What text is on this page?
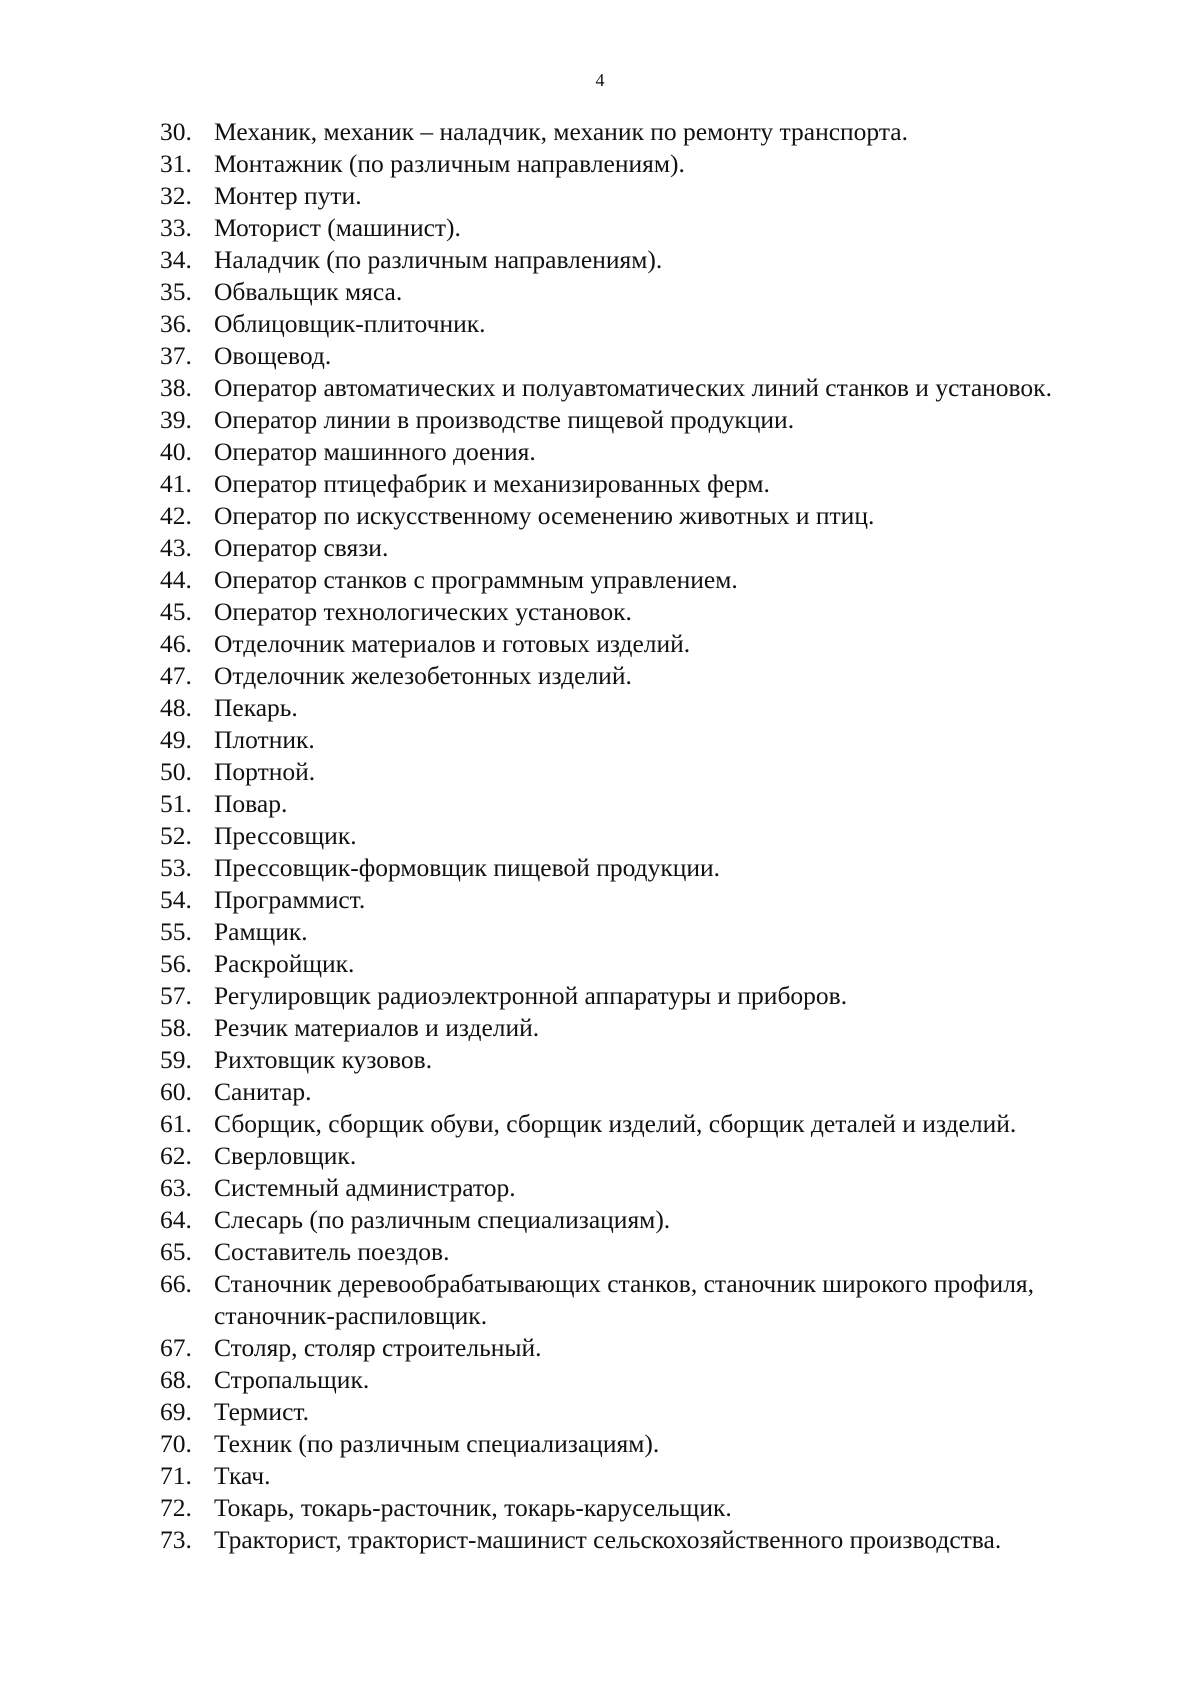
4
30. Механик, механик – наладчик, механик по ремонту транспорта.
31. Монтажник (по различным направлениям).
32. Монтер пути.
33. Моторист (машинист).
34. Наладчик (по различным направлениям).
35. Обвальщик мяса.
36. Облицовщик-плиточник.
37. Овощевод.
38. Оператор автоматических и полуавтоматических линий станков и установок.
39. Оператор линии в производстве пищевой продукции.
40. Оператор машинного доения.
41. Оператор птицефабрик и механизированных ферм.
42. Оператор по искусственному осеменению животных и птиц.
43. Оператор связи.
44. Оператор станков с программным управлением.
45. Оператор технологических установок.
46. Отделочник материалов и готовых изделий.
47. Отделочник железобетонных изделий.
48. Пекарь.
49. Плотник.
50. Портной.
51. Повар.
52. Прессовщик.
53. Прессовщик-формовщик пищевой продукции.
54. Программист.
55. Рамщик.
56. Раскройщик.
57. Регулировщик радиоэлектронной аппаратуры и приборов.
58. Резчик материалов и изделий.
59. Рихтовщик кузовов.
60. Санитар.
61. Сборщик, сборщик обуви, сборщик изделий, сборщик деталей и изделий.
62. Сверловщик.
63. Системный администратор.
64. Слесарь (по различным специализациям).
65. Составитель поездов.
66. Станочник деревообрабатывающих станков, станочник широкого профиля, станочник-распиловщик.
67. Столяр, столяр строительный.
68. Стропальщик.
69. Термист.
70. Техник (по различным специализациям).
71. Ткач.
72. Токарь, токарь-расточник, токарь-карусельщик.
73. Тракторист, тракторист-машинист сельскохозяйственного производства.
